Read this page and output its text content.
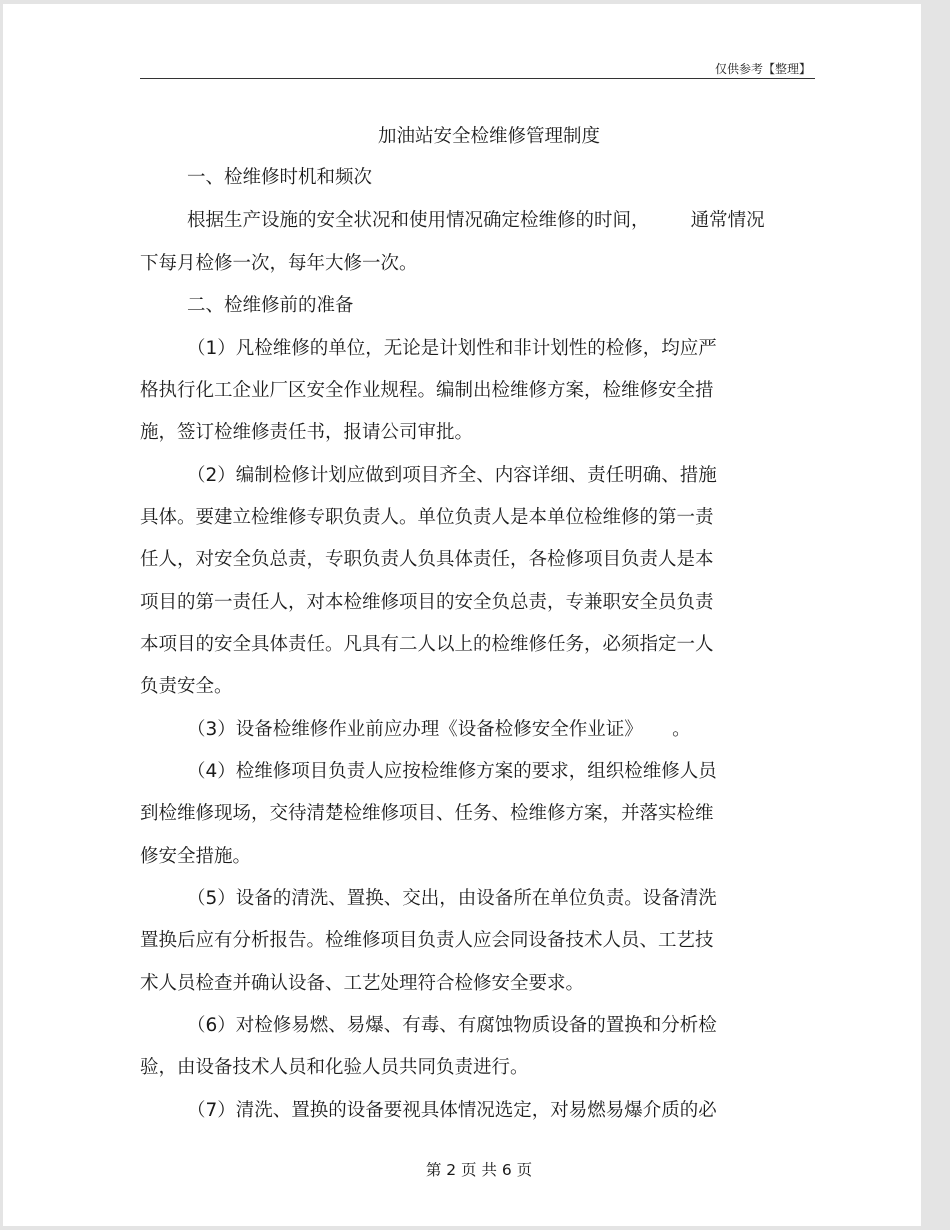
仅供参考【整理】
加油站安全检维修管理制度
一、检维修时机和频次
根据生产设施的安全状况和使用情况确定检维修的时间，       通常情况
下每月检修一次，每年大修一次。
二、检维修前的准备
（1）凡检维修的单位，无论是计划性和非计划性的检修，均应严
格执行化工企业厂区安全作业规程。编制出检维修方案，检维修安全措
施，签订检维修责任书，报请公司审批。
（2）编制检修计划应做到项目齐全、内容详细、责任明确、措施
具体。要建立检维修专职负责人。单位负责人是本单位检维修的第一责
任人，对安全负总责，专职负责人负具体责任，各检修项目负责人是本
项目的第一责任人，对本检维修项目的安全负总责，专兼职安全员负责
本项目的安全具体责任。凡具有二人以上的检维修任务，必须指定一人
负责安全。
（3）设备检维修作业前应办理《设备检修安全作业证》     。
（4）检维修项目负责人应按检维修方案的要求，组织检维修人员
到检维修现场，交待清楚检维修项目、任务、检维修方案，并落实检维
修安全措施。
（5）设备的清洗、置换、交出，由设备所在单位负责。设备清洗
置换后应有分析报告。检维修项目负责人应会同设备技术人员、工艺技
术人员检查并确认设备、工艺处理符合检修安全要求。
（6）对检修易燃、易爆、有毒、有腐蚀物质设备的置换和分析检
验，由设备技术人员和化验人员共同负责进行。
（7）清洗、置换的设备要视具体情况选定，对易燃易爆介质的必
第 2 页 共 6 页
